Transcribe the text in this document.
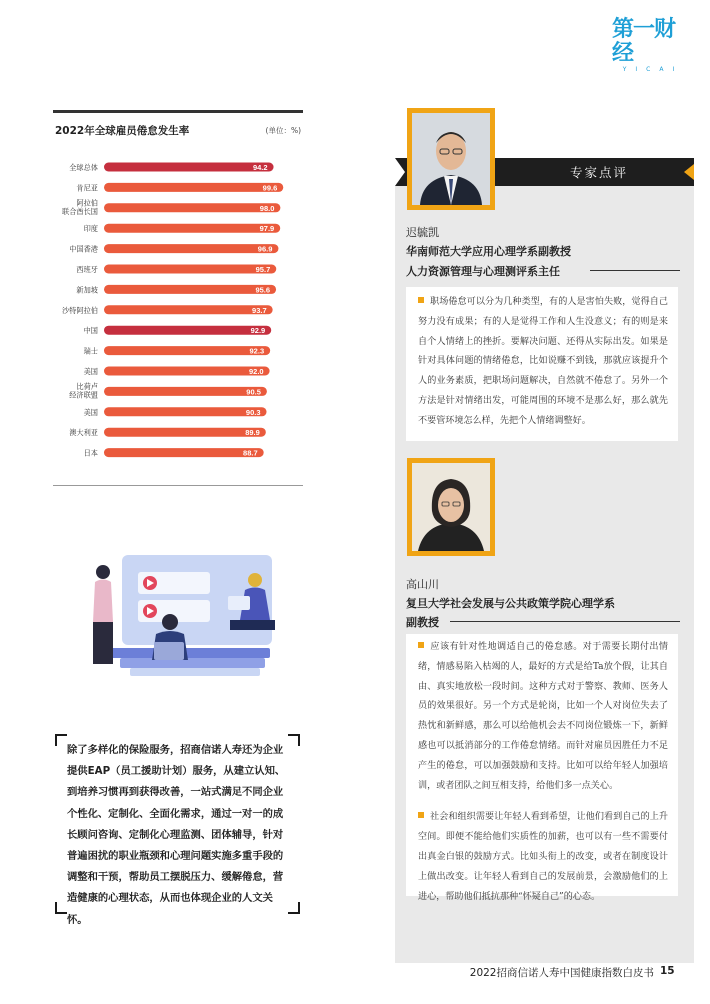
第一财经
YICAI
2022年全球雇员倦怠发生率	(单位：%)
94.2
全球总体
99.6
肯尼亚
98.0
阿拉伯
联合酋长国
97.9
印度
96.9
中国香港
95.7
西班牙
95.6
新加坡
93.7
沙特阿拉伯
92.9
中国
92.3
瑞士
92.0
美国
90.5
比荷卢
经济联盟
90.3
美国
89.9
澳大利亚
88.7
日本
除了多样化的保险服务，招商信诺人寿还为企业提供EAP（员工援助计划）服务，从建立认知、到培养习惯再到获得改善，一站式满足不同企业个性化、定制化、全面化需求，通过一对一的成长顾问咨询、定制化心理监测、团体辅导，针对普遍困扰的职业瓶颈和心理问题实施多重手段的调整和干预，帮助员工摆脱压力、缓解倦怠，营造健康的心理状态，从而也体现企业的人文关怀。
专家点评
迟毓凯
华南师范大学应用心理学系副教授
人力资源管理与心理测评系主任

职场倦怠可以分为几种类型，有的人是害怕失败，觉得自己努力没有成果；有的人是觉得工作和人生没意义；有的则是来自个人情绪上的挫折。要解决问题、还得从实际出发。如果是针对具体问题的情绪倦怠，比如说赚不到钱，那就应该提升个人的业务素质，把职场问题解决，自然就不倦怠了。另外一个方法是针对情绪出发，可能周围的环境不是那么好，那么就先不要管环境怎么样，先把个人情绪调整好。

高山川
复旦大学社会发展与公共政策学院心理学系
副教授

应该有针对性地调适自己的倦怠感。对于需要长期付出情绪，情感易陷入枯竭的人，最好的方式是给Ta放个假，让其自由、真实地放松一段时间。这种方式对于警察、教师、医务人员的效果很好。另一个方式是轮岗，比如一个人对岗位失去了热忱和新鲜感，那么可以给他机会去不同岗位锻炼一下，新鲜感也可以抵消部分的工作倦怠情绪。而针对雇员因胜任力不足产生的倦怠，可以加强鼓励和支持。比如可以给年轻人加强培训，或者团队之间互相支持，给他们多一点关心。

社会和组织需要让年轻人看到希望，让他们看到自己的上升空间。即便不能给他们实质性的加薪，也可以有一些不需要付出真金白银的鼓励方式。比如头衔上的改变，或者在制度设计上做出改变。让年轻人看到自己的发展前景，会激励他们的上进心，帮助他们抵抗那种“怀疑自己”的心态。

2022招商信诺人寿中国健康指数白皮书 15
